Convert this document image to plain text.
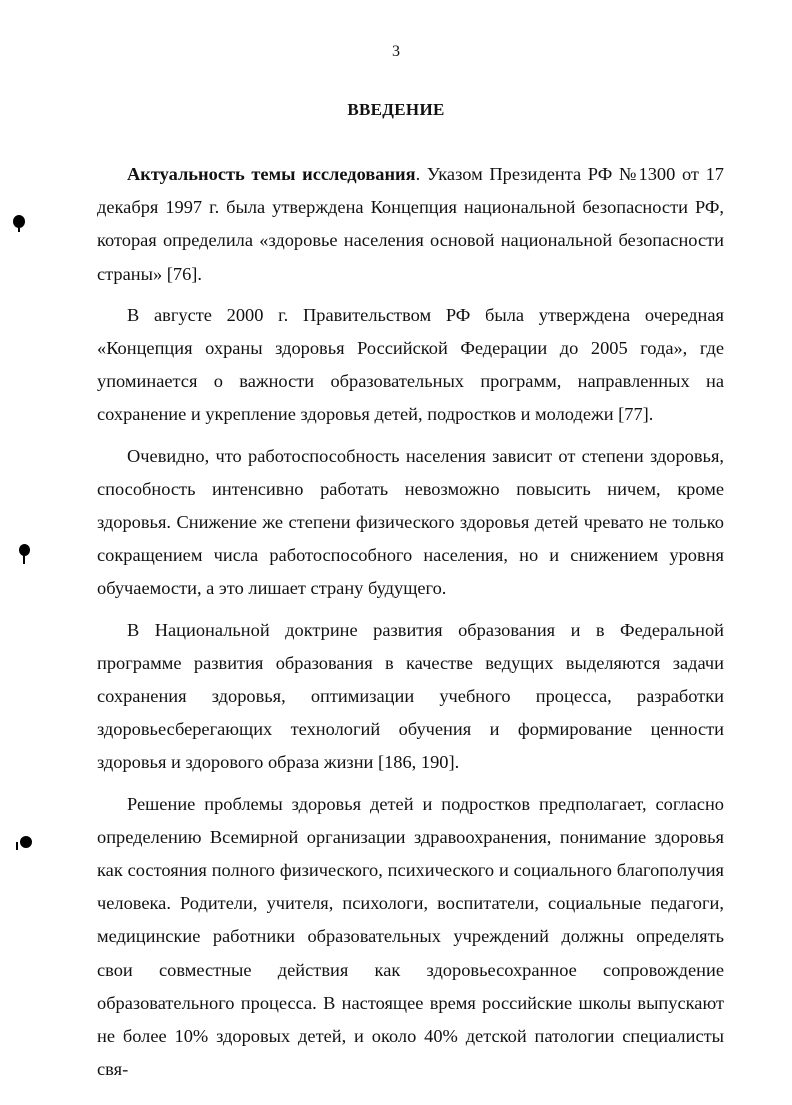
3
ВВЕДЕНИЕ

Актуальность темы исследования. Указом Президента РФ №1300 от 17 декабря 1997 г. была утверждена Концепция национальной безопасности РФ, которая определила «здоровье населения основой национальной безопасности страны» [76].

В августе 2000 г. Правительством РФ была утверждена очередная «Концепция охраны здоровья Российской Федерации до 2005 года», где упоминается о важности образовательных программ, направленных на сохранение и укрепление здоровья детей, подростков и молодежи [77].

Очевидно, что работоспособность населения зависит от степени здоровья, способность интенсивно работать невозможно повысить ничем, кроме здоровья. Снижение же степени физического здоровья детей чревато не только сокращением числа работоспособного населения, но и снижением уровня обучаемости, а это лишает страну будущего.

В Национальной доктрине развития образования и в Федеральной программе развития образования в качестве ведущих выделяются задачи сохранения здоровья, оптимизации учебного процесса, разработки здоровьесберегающих технологий обучения и формирование ценности здоровья и здорового образа жизни [186, 190].

Решение проблемы здоровья детей и подростков предполагает, согласно определению Всемирной организации здравоохранения, понимание здоровья как состояния полного физического, психического и социального благополучия человека. Родители, учителя, психологи, воспитатели, социальные педагоги, медицинские работники образовательных учреждений должны определять свои совместные действия как здоровьесохранное сопровождение образовательного процесса. В настоящее время российские школы выпускают не более 10% здоровых детей, и около 40% детской патологии специалисты свя-
